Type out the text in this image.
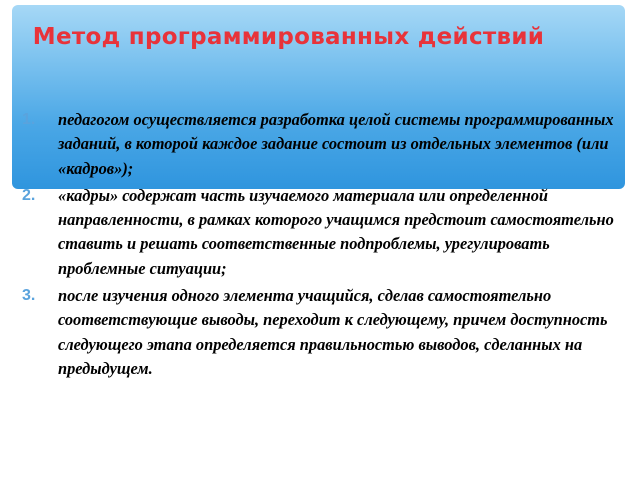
Метод программированных действий
1. педагогом осуществляется разработка целой системы программированных заданий, в которой каждое задание состоит из отдельных элементов (или «кадров»);
2. «кадры» содержат часть изучаемого материала или определенной направленности, в рамках которого учащимся предстоит самостоятельно ставить и решать соответственные подпроблемы, урегулировать проблемные ситуации;
3. после изучения одного элемента учащийся, сделав самостоятельно соответствующие выводы, переходит к следующему, причем доступность следующего этапа определяется правильностью выводов, сделанных на предыдущем.
